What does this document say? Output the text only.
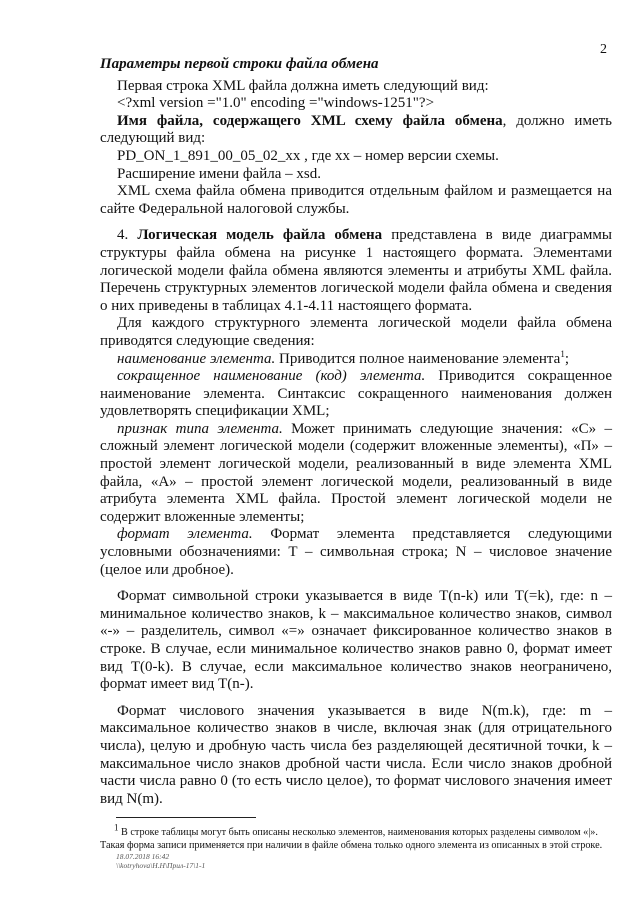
2

Параметры первой строки файла обмена

Первая строка XML файла должна иметь следующий вид:

<?xml version ="1.0" encoding ="windows-1251"?>

Имя файла, содержащего XML схему файла обмена, должно иметь следующий вид:

PD_ON_1_891_00_05_02_xx , где хх – номер версии схемы.

Расширение имени файла – xsd.

XML схема файла обмена приводится отдельным файлом и размещается на сайте Федеральной налоговой службы.

4. Логическая модель файла обмена представлена в виде диаграммы структуры файла обмена на рисунке 1 настоящего формата. Элементами логической модели файла обмена являются элементы и атрибуты XML файла. Перечень структурных элементов логической модели файла обмена и сведения о них приведены в таблицах 4.1-4.11 настоящего формата.

Для каждого структурного элемента логической модели файла обмена приводятся следующие сведения:

наименование элемента. Приводится полное наименование элемента$^1$;

сокращенное наименование (код) элемента. Приводится сокращенное наименование элемента. Синтаксис сокращенного наименования должен удовлетворять спецификации XML;

признак типа элемента. Может принимать следующие значения: «С» – сложный элемент логической модели (содержит вложенные элементы), «П» – простой элемент логической модели, реализованный в виде элемента XML файла, «А» – простой элемент логической модели, реализованный в виде атрибута элемента XML файла. Простой элемент логической модели не содержит вложенные элементы;

формат элемента. Формат элемента представляется следующими условными обозначениями: Т – символьная строка; N – числовое значение (целое или дробное).

Формат символьной строки указывается в виде Т(n-k) или Т(=k), где: n – минимальное количество знаков, k – максимальное количество знаков, символ «-» – разделитель, символ «=» означает фиксированное количество знаков в строке. В случае, если минимальное количество знаков равно 0, формат имеет вид Т(0-k). В случае, если максимальное количество знаков неограничено, формат имеет вид Т(n-).

Формат числового значения указывается в виде N(m.k), где: m – максимальное количество знаков в числе, включая знак (для отрицательного числа), целую и дробную часть числа без разделяющей десятичной точки, k – максимальное число знаков дробной части числа. Если число знаков дробной части числа равно 0 (то есть число целое), то формат числового значения имеет вид N(m).

$^1$ В строке таблицы могут быть описаны несколько элементов, наименования которых разделены символом «|».

Такая форма записи применяется при наличии в файле обмена только одного элемента из описанных в этой строке.

18.07.2018 16:42
\\kotryhova\Н.Н\Прил-17\1-1
